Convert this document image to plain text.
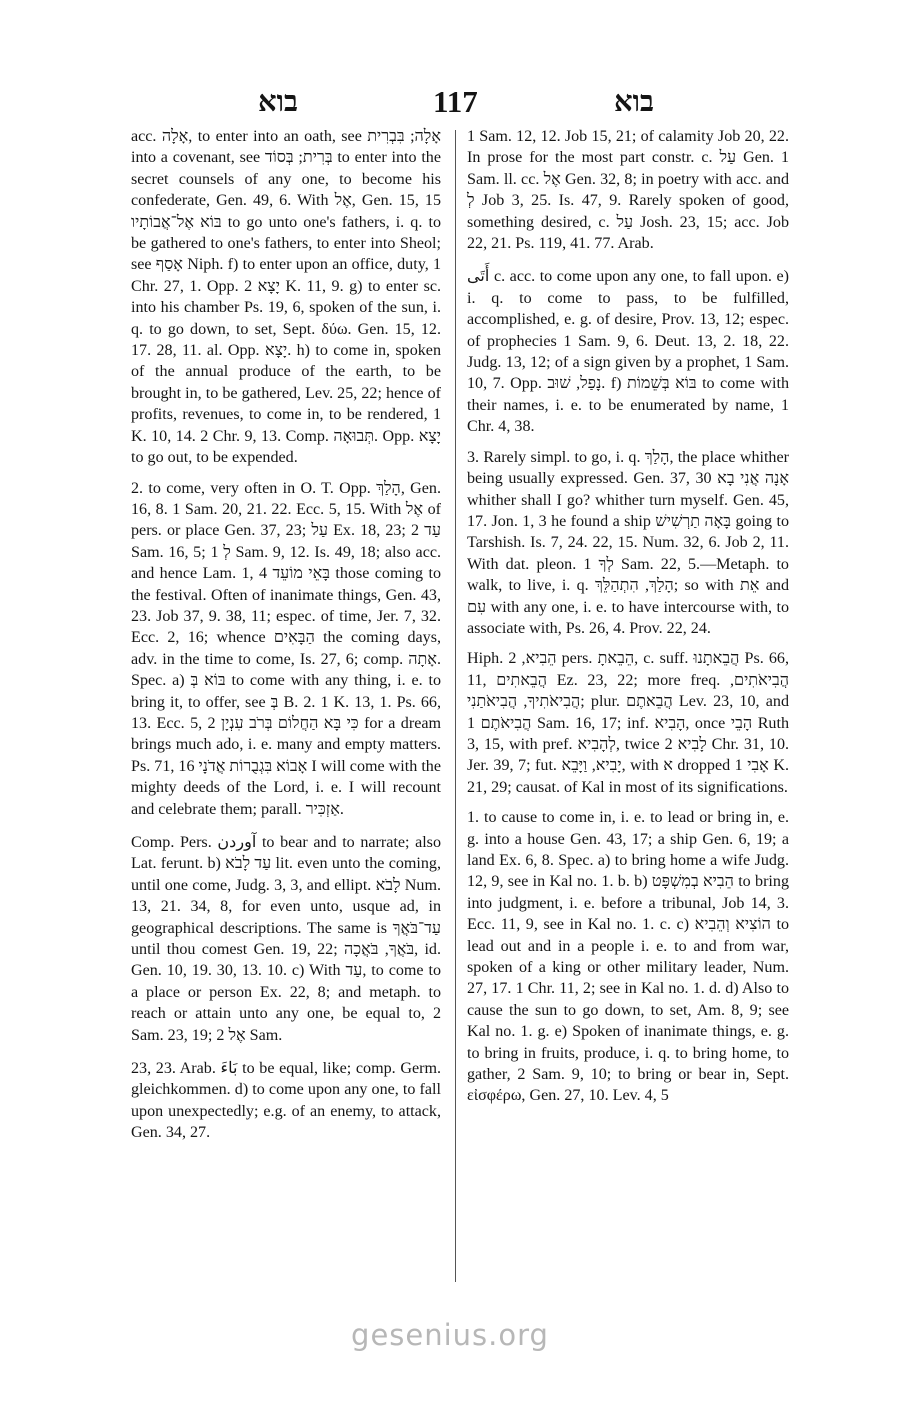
בוא	117	בוא

acc. אָלָה, to enter into an oath, see אָלָה; בִּבְרִית into a covenant, see בְּרִית; בְּסוֹד to enter into the secret counsels of any one, to become his confederate, Gen. 49, 6. With אֶל, Gen. 15, 15 בּוֹא אֶל־אֲבוֹתָיו to go unto one's fathers, i. q. to be gathered to one's fathers, to enter into Sheol; see אָסַף Niph. f) to enter upon an office, duty, 1 Chr. 27, 1. Opp. יָצָא 2 K. 11, 9. g) to enter sc. into his chamber Ps. 19, 6, spoken of the sun, i. q. to go down, to set, Sept. δύω. Gen. 15, 12. 17. 28, 11. al. Opp. יָצָא. h) to come in, spoken of the annual produce of the earth, to be brought in, to be gathered, Lev. 25, 22; hence of profits, revenues, to come in, to be rendered, 1 K. 10, 14. 2 Chr. 9, 13. Comp. תְּבוּאָה. Opp. יָצָא to go out, to be expended.

2. to come, very often in O. T. Opp. הָלַךְ, Gen. 16, 8. 1 Sam. 20, 21. 22. Ecc. 5, 15. With אֶל of pers. or place Gen. 37, 23; עַל Ex. 18, 23; עַד 2 Sam. 16, 5; לְ 1 Sam. 9, 12. Is. 49, 18; also acc. and hence Lam. 1, 4 בָּאֵי מוֹעֵד those coming to the festival. Often of inanimate things, Gen. 43, 23. Job 37, 9. 38, 11; espec. of time, Jer. 7, 32. Ecc. 2, 16; whence הַבָּאִים the coming days, adv. in the time to come, Is. 27, 6; comp. אָתָה. Spec. a) בּוֹא בְּ to come with any thing, i. e. to bring it, to offer, see בְּ B. 2. 1 K. 13, 1. Ps. 66, 13. Ecc. 5, 2 כִּי בָּא הַחֲלוֹם בְּרֹב עִנְיָן for a dream brings much ado, i. e. many and empty matters. Ps. 71, 16 אָבוֹא בִּגְבֻרוֹת אֲדֹנָי I will come with the mighty deeds of the Lord, i. e. I will recount and celebrate them; parall. אַזְכִּיר.

Comp. Pers. آوردن to bear and to narrate; also Lat. ferunt. b) עַד לָבֹא lit. even unto the coming, until one come, Judg. 3, 3, and ellipt. לָבֹא Num. 13, 21. 34, 8, for even unto, usque ad, in geographical descriptions. The same is עַד־בֹּאֲךָ until thou comest Gen. 19, 22; בֹּאֲךָ, בֹּאֲכָה, id. Gen. 10, 19. 30, 13. 10. c) With עַד, to come to a place or person Ex. 22, 8; and metaph. to reach or attain unto any one, be equal to, 2 Sam. 23, 19; אֶל 2 Sam.

23, 23. Arab. بَاءَ to be equal, like; comp. Germ. gleichkommen. d) to come upon any one, to fall upon unexpectedly; e.g. of an enemy, to attack, Gen. 34, 27.

1 Sam. 12, 12. Job 15, 21; of calamity Job 20, 22. In prose for the most part constr. c. עַל Gen. 1 Sam. ll. cc. אֶל Gen. 32, 8; in poetry with acc. and לְ Job 3, 25. Is. 47, 9. Rarely spoken of good, something desired, c. עַל Josh. 23, 15; acc. Job 22, 21. Ps. 119, 41. 77. Arab.

أَتَى c. acc. to come upon any one, to fall upon. e) i. q. to come to pass, to be fulfilled, accomplished, e. g. of desire, Prov. 13, 12; espec. of prophecies 1 Sam. 9, 6. Deut. 13, 2. 18, 22. Judg. 13, 12; of a sign given by a prophet, 1 Sam. 10, 7. Opp. נָפַל, שׁוּב. f) בּוֹא בְּשֵׁמוֹת to come with their names, i. e. to be enumerated by name, 1 Chr. 4, 38.

3. Rarely simpl. to go, i. q. הָלַךְ, the place whither being usually expressed. Gen. 37, 30 אָנָה אֲנִי בָא whither shall I go? whither turn myself. Gen. 45, 17. Jon. 1, 3 he found a ship בָּאָה תַרְשִׁישׁ going to Tarshish. Is. 7, 24. 22, 15. Num. 32, 6. Job 2, 11. With dat. pleon. לְךָ 1 Sam. 22, 5.—Metaph. to walk, to live, i. q. הָלַךְ, הִתְהַלֵּךְ; so with אֵת and עִם with any one, i. e. to have intercourse with, to associate with, Ps. 26, 4. Prov. 22, 24.

Hiph. הֵבִיא, 2 pers. הֵבֵאתָ, c. suff. הֲבֵאתָנוּ Ps. 66, 11, הֲבֵאתִים Ez. 23, 22; more freq. הֲבִיאֹתִים, הֲבִיאֹתִיךָ, הֲבִיאֹתַנִי; plur. הֲבֵאתֶם Lev. 23, 10, and הֲבִיאֹתֶם 1 Sam. 16, 17; inf. הָבִיא, once הָבֵי Ruth 3, 15, with pref. לְהָבִיא, twice לָבִיא 2 Chr. 31, 10. Jer. 39, 7; fut. יָבִיא, וַיָּבֵא, with א dropped אָבִי 1 K. 21, 29; causat. of Kal in most of its significations.

1. to cause to come in, i. e. to lead or bring in, e. g. into a house Gen. 43, 17; a ship Gen. 6, 19; a land Ex. 6, 8. Spec. a) to bring home a wife Judg. 12, 9, see in Kal no. 1. b. b) הֵבִיא בְמִשְׁפָּט to bring into judgment, i. e. before a tribunal, Job 14, 3. Ecc. 11, 9, see in Kal no. 1. c. c) הוֹצִיא וְהֵבִיא to lead out and in a people i. e. to and from war, spoken of a king or other military leader, Num. 27, 17. 1 Chr. 11, 2; see in Kal no. 1. d. d) Also to cause the sun to go down, to set, Am. 8, 9; see Kal no. 1. g. e) Spoken of inanimate things, e. g. to bring in fruits, produce, i. q. to bring home, to gather, 2 Sam. 9, 10; to bring or bear in, Sept. εἰσφέρω, Gen. 27, 10. Lev. 4, 5

gesenius.org
